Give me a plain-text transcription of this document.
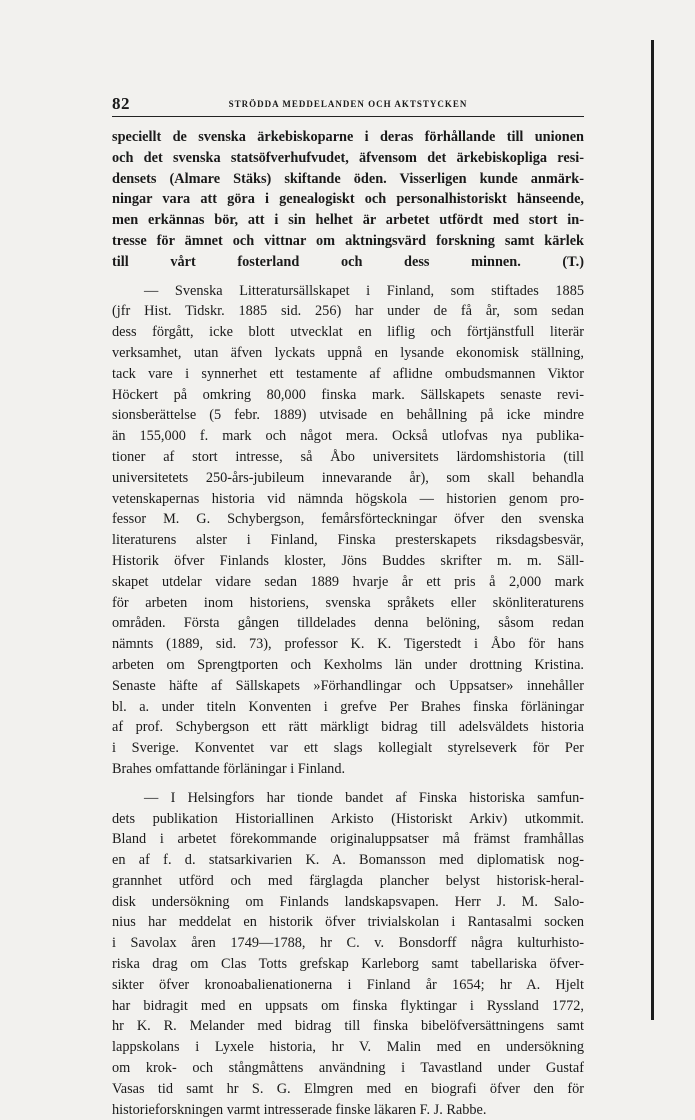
82	STRÖDDA MEDDELANDEN OCH AKTSTYCKEN
speciellt de svenska ärkebiskoparne i deras förhållande till unionen
och det svenska statsöfverhufvudet, äfvensom det ärkebiskopliga resi-
densets (Almare Stäks) skiftande öden. Visserligen kunde anmärk-
ningar vara att göra i genealogiskt och personalhistoriskt hänseende,
men erkännas bör, att i sin helhet är arbetet utfördt med stort in-
tresse för ämnet och vittnar om aktningsvärd forskning samt kärlek
till vårt fosterland och dess minnen. (T.)
— Svenska Litteratursällskapet i Finland, som stiftades 1885
(jfr Hist. Tidskr. 1885 sid. 256) har under de få år, som sedan
dess förgått, icke blott utvecklat en liflig och förtjänstfull literär
verksamhet, utan äfven lyckats uppnå en lysande ekonomisk ställning,
tack vare i synnerhet ett testamente af aflidne ombudsmannen Viktor
Höckert på omkring 80,000 finska mark. Sällskapets senaste revi-
sionsberättelse (5 febr. 1889) utvisade en behållning på icke mindre
än 155,000 f. mark och något mera. Också utlofvas nya publika-
tioner af stort intresse, så Åbo universitets lärdomshistoria (till
universitetets 250-års-jubileum innevarande år), som skall behandla
vetenskapernas historia vid nämnda högskola — historien genom pro-
fessor M. G. Schybergson, femårsförteckningar öfver den svenska
literaturens alster i Finland, Finska presterskapets riksdagsbesvär,
Historik öfver Finlands kloster, Jöns Buddes skrifter m. m. Säll-
skapet utdelar vidare sedan 1889 hvarje år ett pris å 2,000 mark
för arbeten inom historiens, svenska språkets eller skönliteraturens
områden. Första gången tilldelades denna belöning, såsom redan
nämnts (1889, sid. 73), professor K. K. Tigerstedt i Åbo för hans
arbeten om Sprengtporten och Kexholms län under drottning Kristina.
Senaste häfte af Sällskapets »Förhandlingar och Uppsatser» innehåller
bl. a. under titeln Konventen i grefve Per Brahes finska förläningar
af prof. Schybergson ett rätt märkligt bidrag till adelsväldets historia
i Sverige. Konventet var ett slags kollegialt styrelseverk för Per
Brahes omfattande förläningar i Finland.
— I Helsingfors har tionde bandet af Finska historiska samfun-
dets publikation Historiallinen Arkisto (Historiskt Arkiv) utkommit.
Bland i arbetet förekommande originaluppsatser må främst framhållas
en af f. d. statsarkivarien K. A. Bomansson med diplomatisk nog-
grannhet utförd och med färglagda plancher belyst historisk-heral-
disk undersökning om Finlands landskapsvapen. Herr J. M. Salo-
nius har meddelat en historik öfver trivialskolan i Rantasalmi socken
i Savolax åren 1749—1788, hr C. v. Bonsdorff några kulturhisto-
riska drag om Clas Totts grefskap Karleborg samt tabellariska öfver-
sikter öfver kronoabalienationerna i Finland år 1654; hr A. Hjelt
har bidragit med en uppsats om finska flyktingar i Ryssland 1772,
hr K. R. Melander med bidrag till finska bibelöfversättningens samt
lappskolans i Lyxele historia, hr V. Malin med en undersökning
om krok- och stångmåttens användning i Tavastland under Gustaf
Vasas tid samt hr S. G. Elmgren med en biografi öfver den för
historieforskningen varmt intresserade finske läkaren F. J. Rabbe.
